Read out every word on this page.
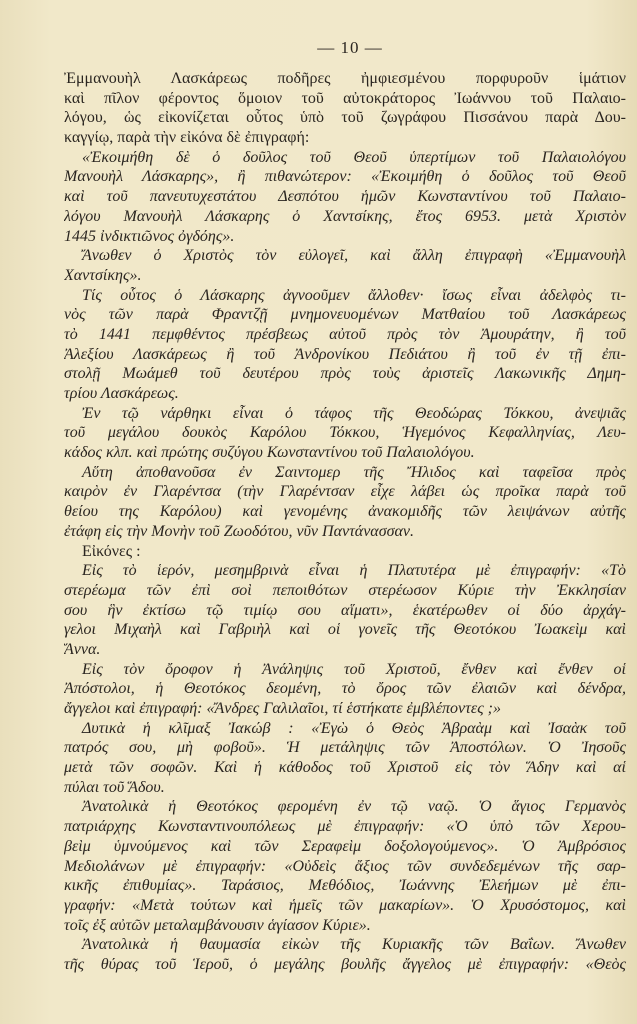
— 10 —
Ἐμμανουὴλ Λασκάρεως ποδῆρες ἠμφιεσμένου πορφυροῦν ἱμάτιον
καὶ πῖλον φέροντος ὅμοιον τοῦ αὐτοκράτορος Ἰωάννου τοῦ Παλαιο-
λόγου, ὡς εἰκονίζεται οὗτος ὑπὸ τοῦ ζωγράφου Πισσάνου παρὰ Δου-
καγγίῳ, παρὰ τὴν εἰκόνα δὲ ἐπιγραφή:
«Ἐκοιμήθη δὲ ὁ δοῦλος τοῦ Θεοῦ ὑπερτίμων τοῦ Παλαιολόγου
Μανουὴλ Λάσκαρης», ἢ πιθανώτερον: «Ἐκοιμήθη ὁ δοῦλος τοῦ Θεοῦ
καὶ τοῦ πανευτυχεστάτου Δεσπότου ἡμῶν Κωνσταντίνου τοῦ Παλαιο-
λόγου Μανουὴλ Λάσκαρης ὁ Χαντσίκης, ἔτος 6953. μετὰ Χριστὸν
1445 ἰνδικτιῶνος ὀγδόης».
Ἄνωθεν ὁ Χριστὸς τὸν εὐλογεῖ, καὶ ἄλλη ἐπιγραφὴ «Ἐμμανουὴλ
Χαντσίκης».
Τίς οὗτος ὁ Λάσκαρης ἀγνοοῦμεν ἄλλοθεν· ἴσως εἶναι ἀδελφὸς τι-
νὸς τῶν παρὰ Φραντζῇ μνημονευομένων Ματθαίου τοῦ Λασκάρεως
τὸ 1441 πεμφθέντος πρέσβεως αὐτοῦ πρὸς τὸν Ἀμουράτην, ἢ τοῦ
Ἀλεξίου Λασκάρεως ἢ τοῦ Ἀνδρονίκου Πεδιάτου ἢ τοῦ ἐν τῇ ἐπι-
στολῇ Μωάμεθ τοῦ δευτέρου πρὸς τοὺς ἀριστεῖς Λακωνικῆς Δημη-
τρίου Λασκάρεως.
Ἐν τῷ νάρθηκι εἶναι ὁ τάφος τῆς Θεοδώρας Τόκκου, ἀνεψιᾶς
τοῦ μεγάλου δουκὸς Καρόλου Τόκκου, Ἡγεμόνος Κεφαλληνίας, Λευ-
κάδος κλπ. καὶ πρώτης συζύγου Κωνσταντίνου τοῦ Παλαιολόγου.
Αὕτη ἀποθανοῦσα ἐν Σαιντομερ τῆς Ἤλιδος καὶ ταφεῖσα πρὸς
καιρὸν ἐν Γλαρέντσα (τὴν Γλαρέντσαν εἶχε λάβει ὡς προῖκα παρὰ τοῦ
θείου της Καρόλου) καὶ γενομένης ἀνακομιδῆς τῶν λειψάνων αὐτῆς
ἐτάφη εἰς τὴν Μονὴν τοῦ Ζωοδότου, νῦν Παντάνασσαν.
Εἰκόνες :
Εἰς τὸ ἱερόν, μεσημβρινὰ εἶναι ἡ Πλατυτέρα μὲ ἐπιγραφήν: «Τὸ
στερέωμα τῶν ἐπὶ σοὶ πεποιθότων στερέωσον Κύριε τὴν Ἐκκλησίαν
σου ἣν ἐκτίσω τῷ τιμίῳ σου αἵματι», ἑκατέρωθεν οἱ δύο ἀρχάγ-
γελοι Μιχαὴλ καὶ Γαβριὴλ καὶ οἱ γονεῖς τῆς Θεοτόκου Ἰωακεὶμ καὶ
Ἄννα.
Εἰς τὸν ὄροφον ἡ Ἀνάληψις τοῦ Χριστοῦ, ἔνθεν καὶ ἔνθεν οἱ
Ἀπόστολοι, ἡ Θεοτόκος δεομένη, τὸ ὄρος τῶν ἐλαιῶν καὶ δένδρα,
ἄγγελοι καὶ ἐπιγραφή: «Ἄνδρες Γαλιλαῖοι, τί ἑστήκατε ἐμβλέποντες ;»
Δυτικὰ ἡ κλῖμαξ Ἰακώβ : «Ἐγὼ ὁ Θεὸς Ἀβραὰμ καὶ Ἰσαὰκ τοῦ
πατρός σου, μὴ φοβοῦ». Ἡ μετάληψις τῶν Ἀποστόλων. Ὁ Ἰησοῦς
μετὰ τῶν σοφῶν. Καὶ ἡ κάθοδος τοῦ Χριστοῦ εἰς τὸν Ἅδην καὶ αἱ
πύλαι τοῦ Ἅδου.
Ἀνατολικὰ ἡ Θεοτόκος φερομένη ἐν τῷ ναῷ. Ὁ ἅγιος Γερμανὸς
πατριάρχης Κωνσταντινουπόλεως μὲ ἐπιγραφήν: «Ὁ ὑπὸ τῶν Χερου-
βεὶμ ὑμνούμενος καὶ τῶν Σεραφεὶμ δοξολογούμενος». Ὁ Ἀμβρόσιος
Μεδιολάνων μὲ ἐπιγραφήν: «Οὐδεὶς ἄξιος τῶν συνδεδεμένων τῆς σαρ-
κικῆς ἐπιθυμίας». Ταράσιος, Μεθόδιος, Ἰωάννης Ἐλεήμων μὲ ἐπι-
γραφήν: «Μετὰ τούτων καὶ ἡμεῖς τῶν μακαρίων». Ὁ Χρυσόστομος, καὶ
τοῖς ἐξ αὐτῶν μεταλαμβάνουσιν ἁγίασον Κύριε».
Ἀνατολικὰ ἡ θαυμασία εἰκὼν τῆς Κυριακῆς τῶν Βαΐων. Ἄνωθεν
τῆς θύρας τοῦ Ἱεροῦ, ὁ μεγάλης βουλῆς ἄγγελος μὲ ἐπιγραφήν: «Θεὸς
